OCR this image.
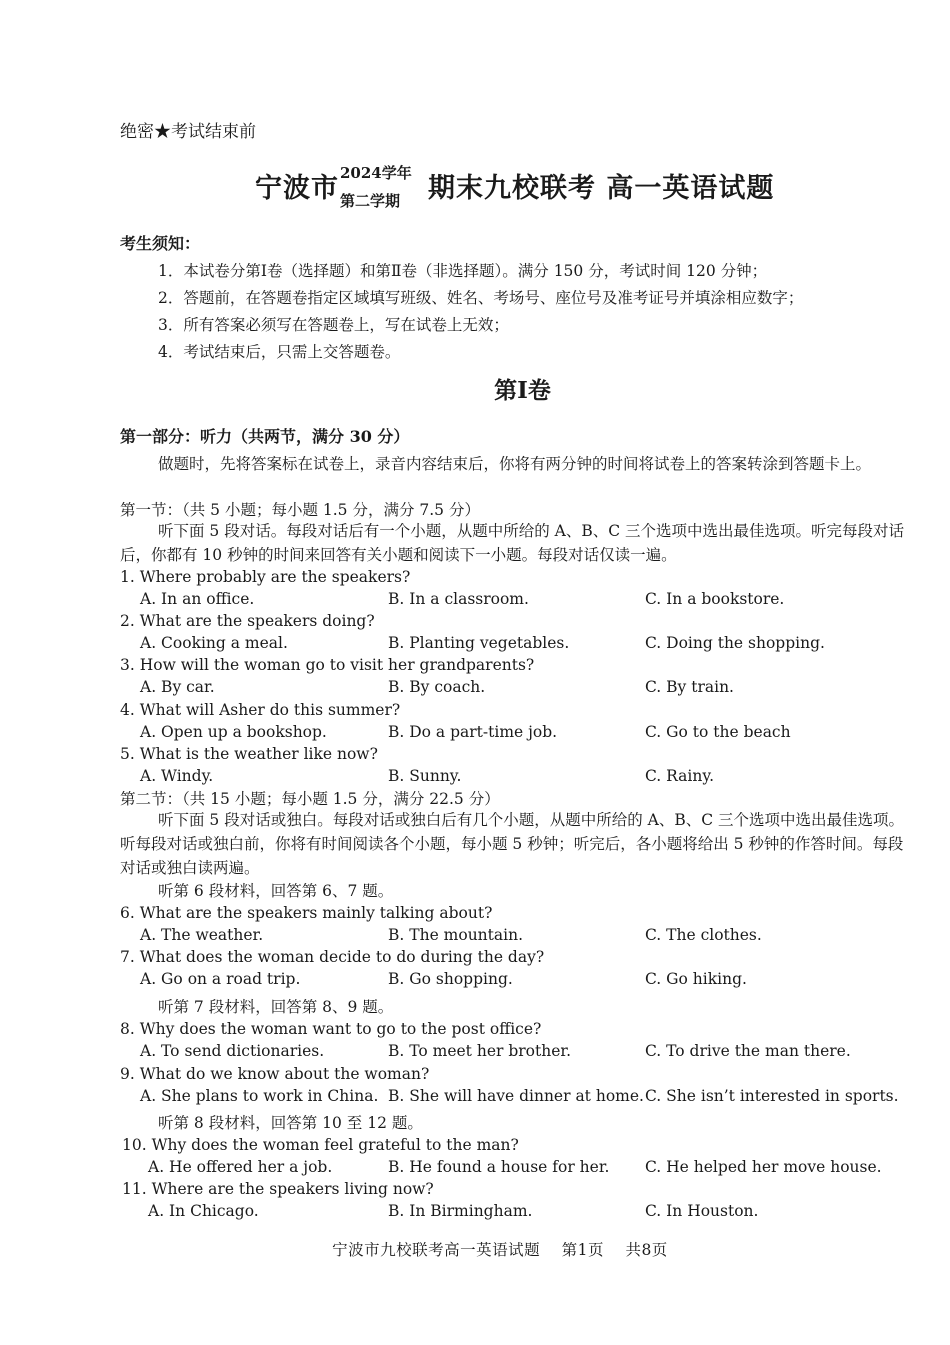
绝密★考试结束前
宁波市 2024学年
第二学期 期末九校联考 高一英语试题
考生须知：
1．本试卷分第Ⅰ卷（选择题）和第Ⅱ卷（非选择题）。满分 150 分，考试时间 120 分钟；
2．答题前，在答题卷指定区域填写班级、姓名、考场号、座位号及准考证号并填涂相应数字；
3．所有答案必须写在答题卷上，写在试卷上无效；
4．考试结束后，只需上交答题卷。
第Ⅰ卷
第一部分：听力（共两节，满分 30 分）
做题时，先将答案标在试卷上，录音内容结束后，你将有两分钟的时间将试卷上的答案转涂到答题卡上。
第一节：（共 5 小题；每小题 1.5 分，满分 7.5 分）
听下面 5 段对话。每段对话后有一个小题，从题中所给的 A、B、C 三个选项中选出最佳选项。听完每段对话后，你都有 10 秒钟的时间来回答有关小题和阅读下一小题。每段对话仅读一遍。
1. Where probably are the speakers?
A. In an office.	B. In a classroom.	C. In a bookstore.
2. What are the speakers doing?
A. Cooking a meal.	B. Planting vegetables.	C. Doing the shopping.
3. How will the woman go to visit her grandparents?
A. By car.	B. By coach.	C. By train.
4. What will Asher do this summer?
A. Open up a bookshop.	B. Do a part-time job.	C. Go to the beach
5. What is the weather like now?
A. Windy.	B. Sunny.	C. Rainy.
第二节：（共 15 小题；每小题 1.5 分，满分 22.5 分）
听下面 5 段对话或独白。每段对话或独白后有几个小题，从题中所给的 A、B、C 三个选项中选出最佳选项。听每段对话或独白前，你将有时间阅读各个小题，每小题 5 秒钟；听完后，各小题将给出 5 秒钟的作答时间。每段对话或独白读两遍。
听第 6 段材料，回答第 6、7 题。
6. What are the speakers mainly talking about?
A. The weather.	B. The mountain.	C. The clothes.
7. What does the woman decide to do during the day?
A. Go on a road trip.	B. Go shopping.	C. Go hiking.
听第 7 段材料，回答第 8、9 题。
8. Why does the woman want to go to the post office?
A. To send dictionaries.	B. To meet her brother.	C. To drive the man there.
9. What do we know about the woman?
A. She plans to work in China. B. She will have dinner at home. C. She isn’t interested in sports.
听第 8 段材料，回答第 10 至 12 题。
10. Why does the woman feel grateful to the man?
A. He offered her a job.	B. He found a house for her. C. He helped her move house.
11. Where are the speakers living now?
A. In Chicago.	B. In Birmingham.	C. In Houston.
宁波市九校联考高一英语试题 第1页 共8页
